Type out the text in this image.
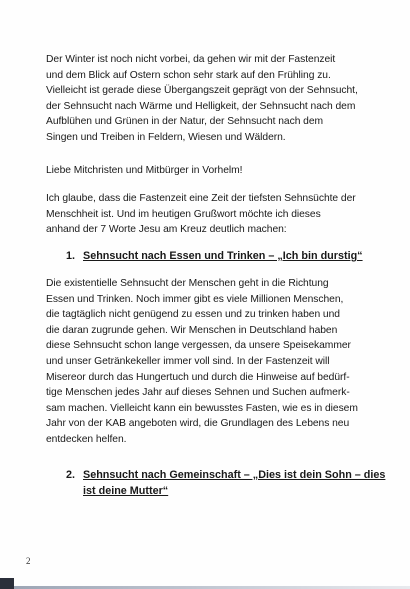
Der Winter ist noch nicht vorbei, da gehen wir mit der Fastenzeit
und dem Blick auf Ostern schon sehr stark auf den Frühling zu.
Vielleicht ist gerade diese Übergangszeit geprägt von der Sehnsucht,
der Sehnsucht nach Wärme und Helligkeit, der Sehnsucht nach dem
Aufblühen und Grünen in der Natur, der Sehnsucht nach dem
Singen und Treiben in Feldern, Wiesen und Wäldern.
Liebe Mitchristen und Mitbürger in Vorhelm!
Ich glaube, dass die Fastenzeit eine Zeit der tiefsten Sehnsüchte der
Menschheit ist. Und im heutigen Grußwort möchte ich dieses
anhand der 7 Worte Jesu am Kreuz deutlich machen:
1. Sehnsucht nach Essen und Trinken – „Ich bin durstig“
Die existentielle Sehnsucht der Menschen geht in die Richtung
Essen und Trinken. Noch immer gibt es viele Millionen Menschen,
die tagtäglich nicht genügend zu essen und zu trinken haben und
die daran zugrunde gehen. Wir Menschen in Deutschland haben
diese Sehnsucht schon lange vergessen, da unsere Speisekammer
und unser Getränkekeller immer voll sind. In der Fastenzeit will
Misereor durch das Hungertuch und durch die Hinweise auf bedürf-
tige Menschen jedes Jahr auf dieses Sehnen und Suchen aufmerk-
sam machen. Vielleicht kann ein bewusstes Fasten, wie es in diesem
Jahr von der KAB angeboten wird, die Grundlagen des Lebens neu
entdecken helfen.
2. Sehnsucht nach Gemeinschaft – „Dies ist dein Sohn – dies
ist deine Mutter“
2
